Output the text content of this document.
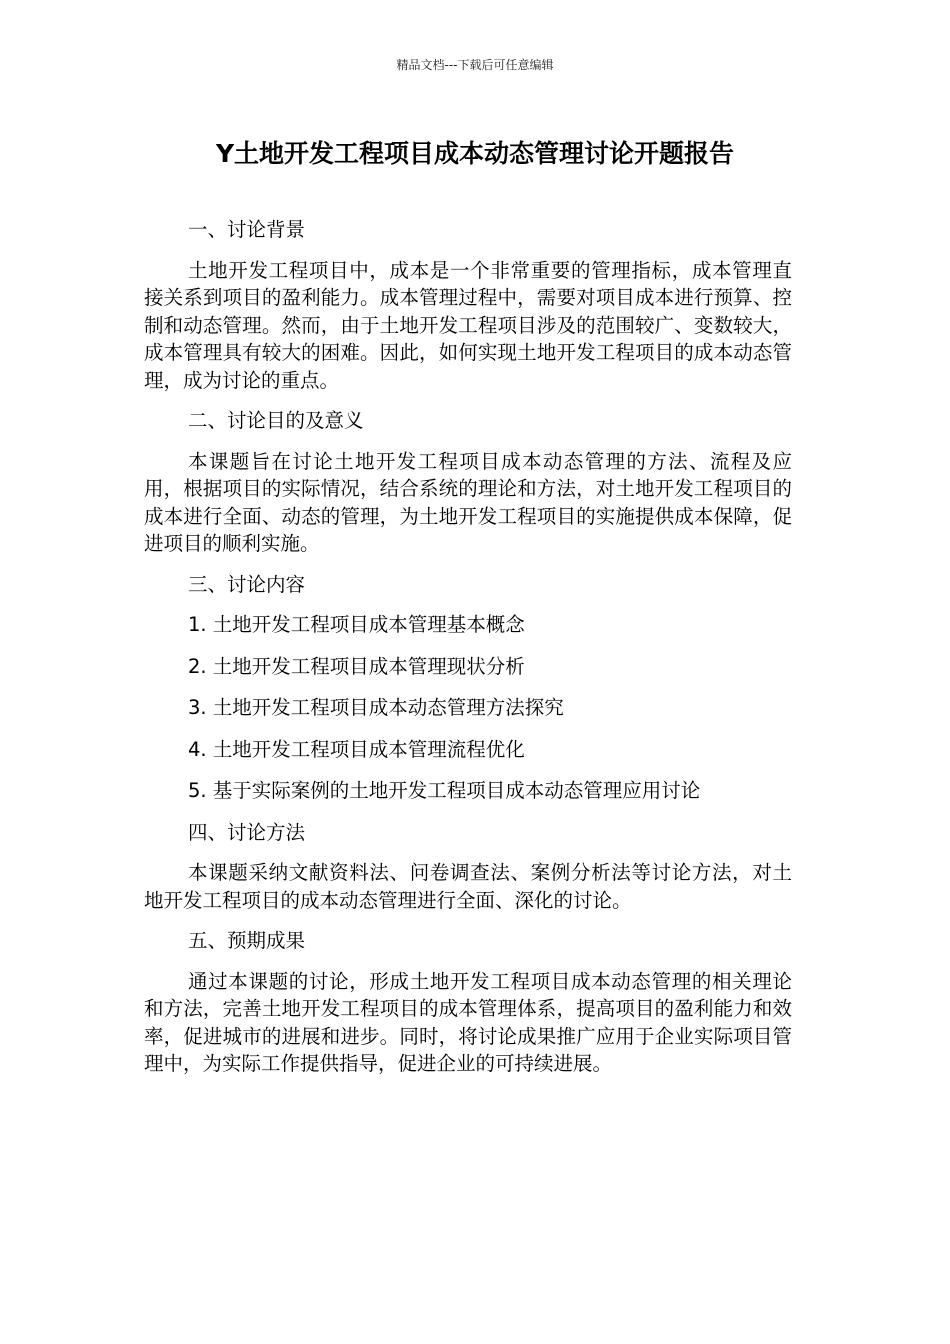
精品文档---下载后可任意编辑
Y土地开发工程项目成本动态管理讨论开题报告

一、讨论背景

土地开发工程项目中，成本是一个非常重要的管理指标，成本管理直接关系到项目的盈利能力。成本管理过程中，需要对项目成本进行预算、控制和动态管理。然而，由于土地开发工程项目涉及的范围较广、变数较大，成本管理具有较大的困难。因此，如何实现土地开发工程项目的成本动态管理，成为讨论的重点。

二、讨论目的及意义

本课题旨在讨论土地开发工程项目成本动态管理的方法、流程及应用，根据项目的实际情况，结合系统的理论和方法，对土地开发工程项目的成本进行全面、动态的管理，为土地开发工程项目的实施提供成本保障，促进项目的顺利实施。

三、讨论内容

1. 土地开发工程项目成本管理基本概念

2. 土地开发工程项目成本管理现状分析

3. 土地开发工程项目成本动态管理方法探究

4. 土地开发工程项目成本管理流程优化

5. 基于实际案例的土地开发工程项目成本动态管理应用讨论

四、讨论方法

本课题采纳文献资料法、问卷调查法、案例分析法等讨论方法，对土地开发工程项目的成本动态管理进行全面、深化的讨论。

五、预期成果

通过本课题的讨论，形成土地开发工程项目成本动态管理的相关理论和方法，完善土地开发工程项目的成本管理体系，提高项目的盈利能力和效率，促进城市的进展和进步。同时，将讨论成果推广应用于企业实际项目管理中，为实际工作提供指导，促进企业的可持续进展。
